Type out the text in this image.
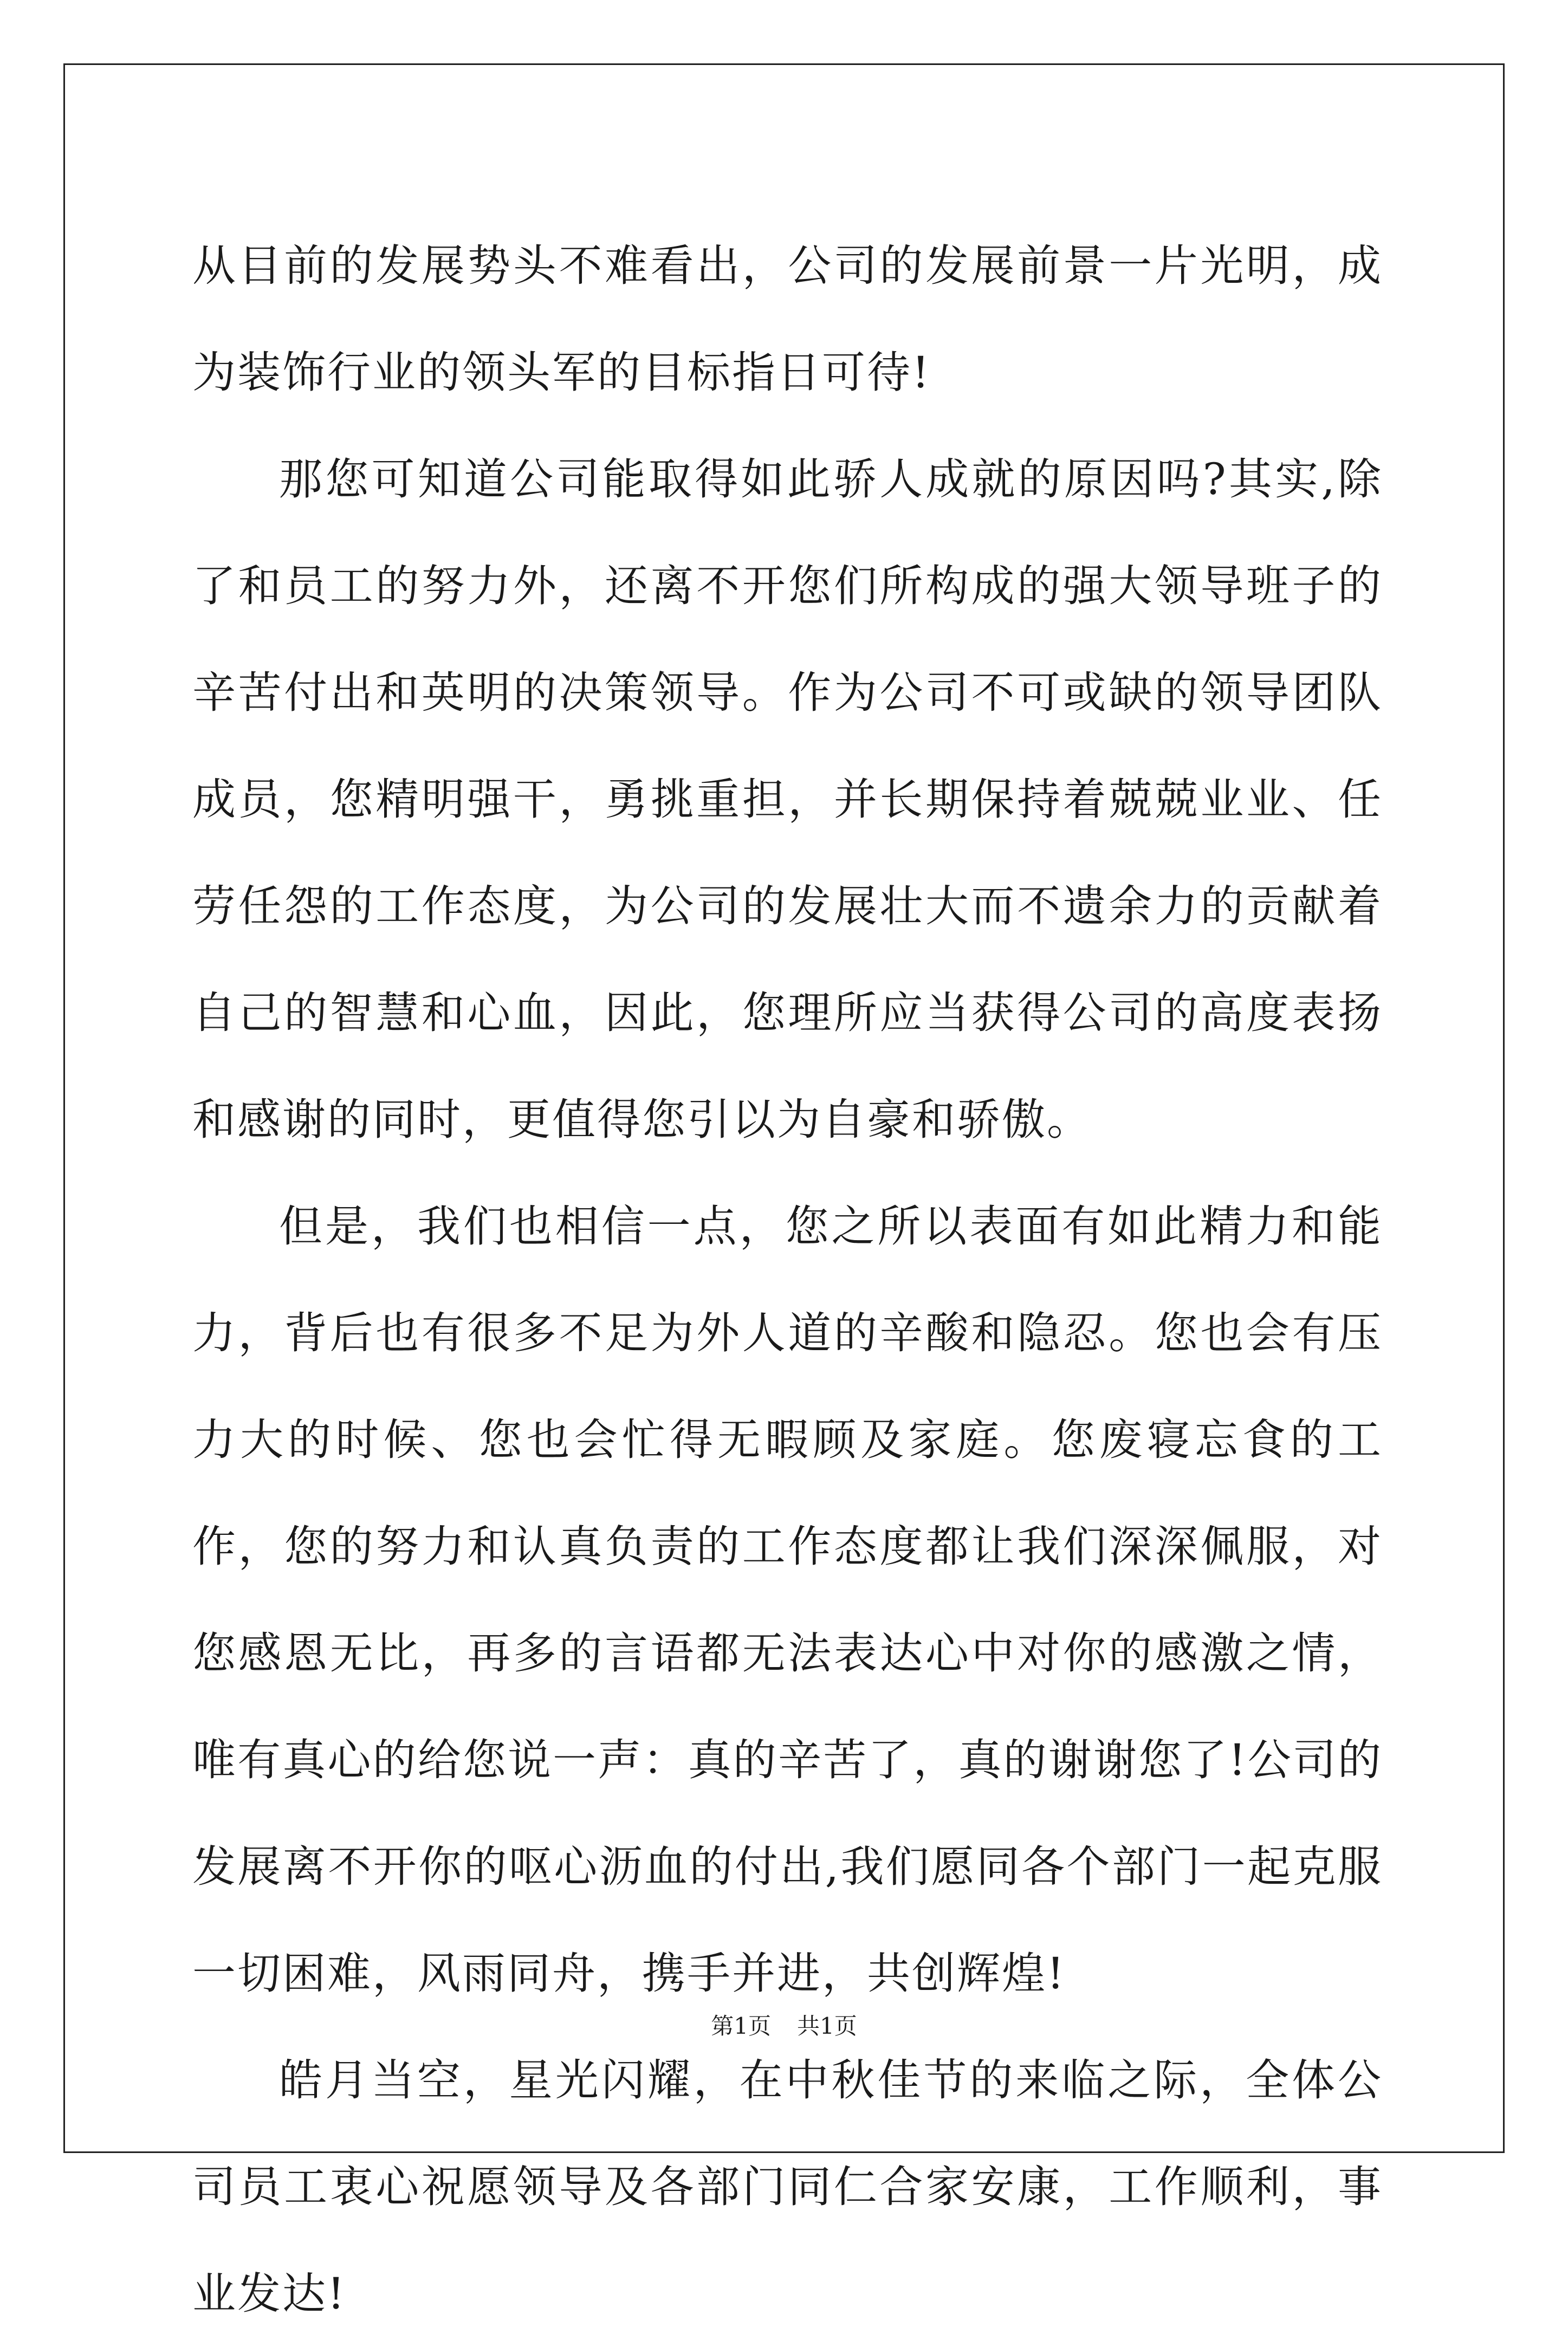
从目前的发展势头不难看出，公司的发展前景一片光明，成为装饰行业的领头军的目标指日可待!

那您可知道公司能取得如此骄人成就的原因吗?其实,除了和员工的努力外，还离不开您们所构成的强大领导班子的辛苦付出和英明的决策领导。作为公司不可或缺的领导团队成员，您精明强干，勇挑重担，并长期保持着兢兢业业、任劳任怨的工作态度，为公司的发展壮大而不遗余力的贡献着自己的智慧和心血，因此，您理所应当获得公司的高度表扬和感谢的同时，更值得您引以为自豪和骄傲。

但是，我们也相信一点，您之所以表面有如此精力和能力，背后也有很多不足为外人道的辛酸和隐忍。您也会有压力大的时候、您也会忙得无暇顾及家庭。您废寝忘食的工作，您的努力和认真负责的工作态度都让我们深深佩服，对您感恩无比，再多的言语都无法表达心中对你的感激之情，唯有真心的给您说一声：真的辛苦了，真的谢谢您了!公司的发展离不开你的呕心沥血的付出,我们愿同各个部门一起克服一切困难，风雨同舟，携手并进，共创辉煌!

皓月当空，星光闪耀，在中秋佳节的来临之际，全体公司员工衷心祝愿领导及各部门同仁合家安康，工作顺利，事业发达!

第1页 共1页
